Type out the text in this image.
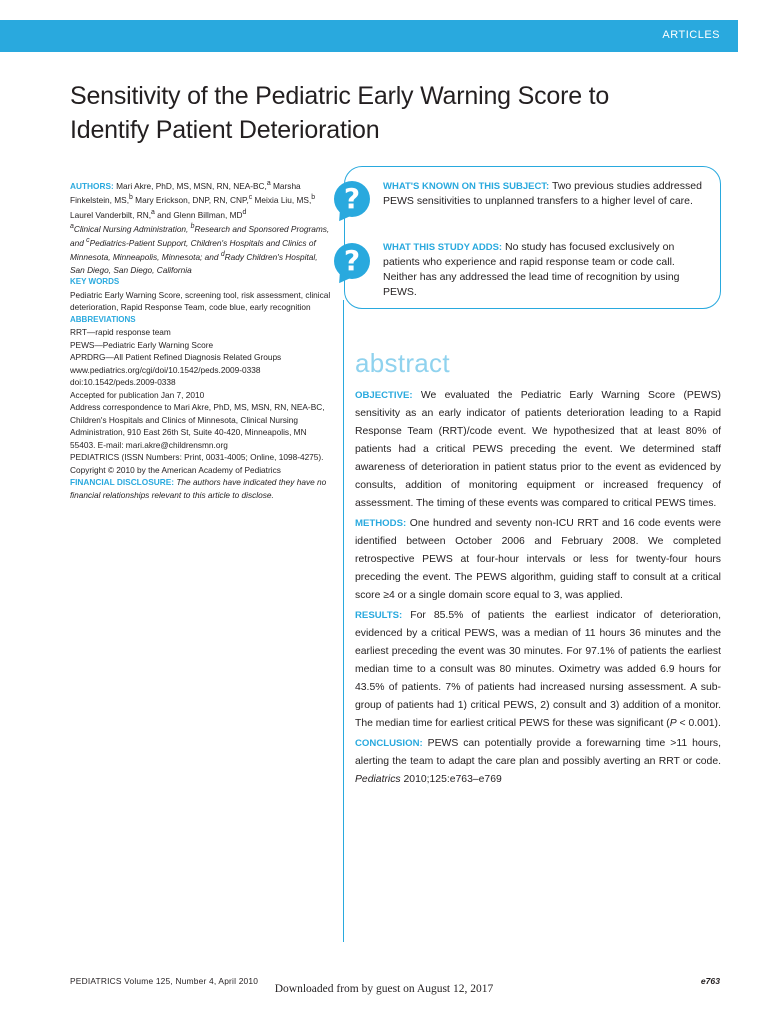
ARTICLES
Sensitivity of the Pediatric Early Warning Score to
Identify Patient Deterioration

AUTHORS: Mari Akre, PhD, MS, MSN, RN, NEA-BC,$^a$ Marsha Finkelstein, MS,$^b$ Mary Erickson, DNP, RN, CNP,$^c$ Meixia Liu, MS,$^b$ Laurel Vanderbilt, RN,$^a$ and Glenn Billman, $MD^d$

$^a$Clinical Nursing Administration, $^b$Research and Sponsored Programs, and $^c$Pediatrics-Patient Support, Children's Hospitals and Clinics of Minnesota, Minneapolis, Minnesota; and $^d$Rady Children's Hospital, San Diego, San Diego, California

KEY WORDS

Pediatric Early Warning Score, screening tool, risk assessment, clinical deterioration, Rapid Response Team, code blue, early recognition

ABBREVIATIONS

RRT—rapid response team

PEWS—Pediatric Early Warning Score

APRDRG—All Patient Refined Diagnosis Related Groups

www.pediatrics.org/cgi/doi/10.1542/peds.2009-0338

doi:10.1542/peds.2009-0338

Accepted for publication Jan 7, 2010

Address correspondence to Mari Akre, PhD, MS, MSN, RN, NEA-BC, Children's Hospitals and Clinics of Minnesota, Clinical Nursing Administration, 910 East 26th St, Suite 40-420, Minneapolis, MN 55403. E-mail: mari.akre@childrensmn.org

PEDIATRICS (ISSN Numbers: Print, 0031-4005; Online, 1098-4275).

Copyright © 2010 by the American Academy of Pediatrics

FINANCIAL DISCLOSURE: The authors have indicated they have no financial relationships relevant to this article to disclose.

?	WHAT'S KNOWN ON THIS SUBJECT: Two previous studies addressed PEWS sensitivities to unplanned transfers to a higher level of care.

?	WHAT THIS STUDY ADDS: No study has focused exclusively on patients who experience and rapid response team or code call. Neither has any addressed the lead time of recognition by using PEWS.

abstract

OBJECTIVE: We evaluated the Pediatric Early Warning Score (PEWS) sensitivity as an early indicator of patients deterioration leading to a Rapid Response Team (RRT)/code event. We hypothesized that at least 80% of patients had a critical PEWS preceding the event. We determined staff awareness of deterioration in patient status prior to the event as evidenced by consults, addition of monitoring equipment or increased frequency of assessment. The timing of these events was compared to critical PEWS times.

METHODS: One hundred and seventy non-ICU RRT and 16 code events were identified between October 2006 and February 2008. We completed retrospective PEWS at four-hour intervals or less for twenty-four hours preceding the event. The PEWS algorithm, guiding staff to consult at a critical score ≥4 or a single domain score equal to 3, was applied.

RESULTS: For 85.5% of patients the earliest indicator of deterioration, evidenced by a critical PEWS, was a median of 11 hours 36 minutes and the earliest preceding the event was 30 minutes. For 97.1% of patients the earliest median time to a consult was 80 minutes. Oximetry was added 6.9 hours for 43.5% of patients. 7% of patients had increased nursing assessment. A sub-group of patients had 1) critical PEWS, 2) consult and 3) addition of a monitor. The median time for earliest critical PEWS for these was significant (P < 0.001).

CONCLUSION: PEWS can potentially provide a forewarning time >11 hours, alerting the team to adapt the care plan and possibly averting an RRT or code. Pediatrics 2010;125:e763–e769

PEDIATRICS Volume 125, Number 4, April 2010	e763
Downloaded from by guest on August 12, 2017
